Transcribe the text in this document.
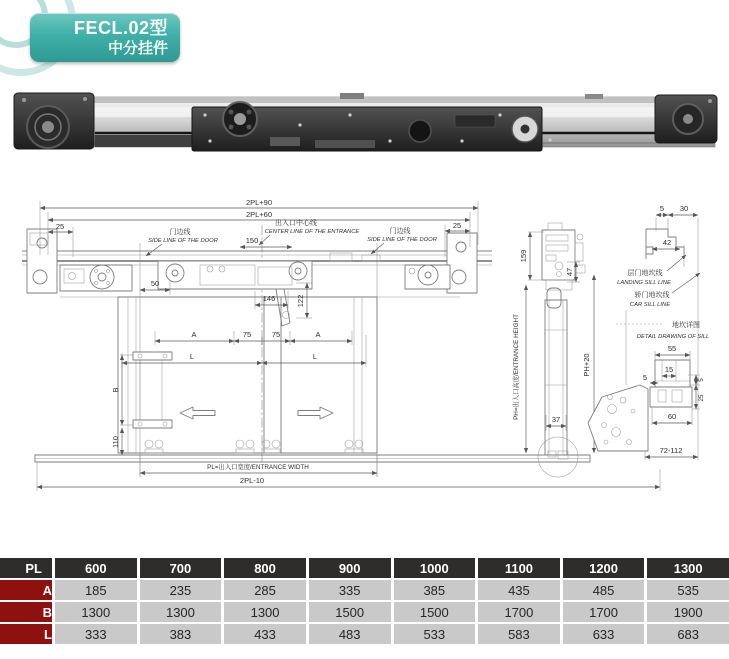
FECL.02型
中分挂件
2PL+90
2PL+60
25	25
门边线
SIDE LINE OF THE DOOR
出入口中心线
CENTER LINE OF THE ENTRANCE
150
门边线
SIDE LINE OF THE DOOR
50
146	122
A	75	75	A
L	L
B
110
PL=出入口宽度/ENTRANCE WIDTH
2PL-10
159
47
PH+20
PH=出入口高度/ENTRANCE HEIGHT	37
5 30
42
层门地坎线
LANDING SILL LINE
轿门地坎线
CAR SILL LINE
地坎详图
DETAIL DRAWING OF SILL
55
15
5	5
25
60
72-112
PL	600	700	800	900	1000	1100	1200	1300
A	185	235	285	335	385	435	485	535
B	1300	1300	1300	1500	1500	1700	1700	1900
L	333	383	433	483	533	583	633	683
